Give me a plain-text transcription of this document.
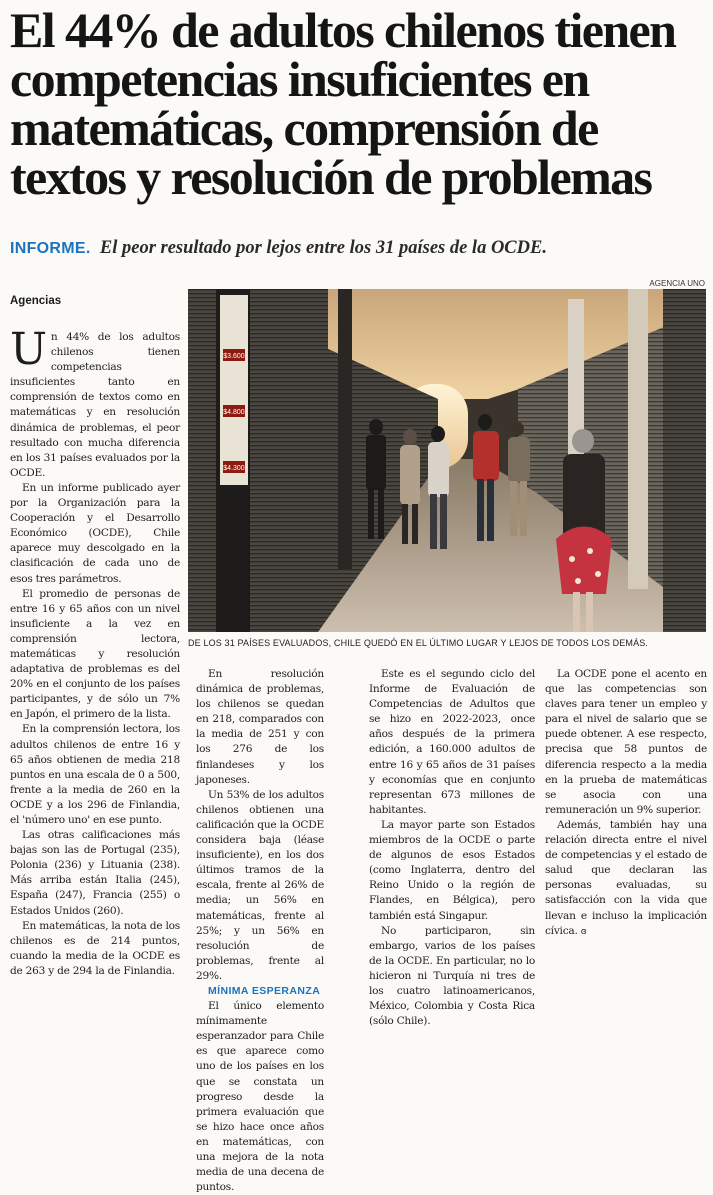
El 44% de adultos chilenos tienen
competencias insuficientes en
matemáticas, comprensión de
textos y resolución de problemas
INFORME. El peor resultado por lejos entre los 31 países de la OCDE.
AGENCIA UNO
$3.600
$4.800
$4.300
DE LOS 31 PAÍSES EVALUADOS, CHILE QUEDÓ EN EL ÚLTIMO LUGAR Y LEJOS DE TODOS LOS DEMÁS.
Agencias

Un 44% de los adultos chilenos tienen competencias insuficientes tanto en comprensión de textos como en matemáticas y en resolución dinámica de problemas, el peor resultado con mucha diferencia en los 31 países evaluados por la OCDE.

En un informe publicado ayer por la Organización para la Cooperación y el Desarrollo Económico (OCDE), Chile aparece muy descolgado en la clasificación de cada uno de esos tres parámetros.

El promedio de personas de entre 16 y 65 años con un nivel insuficiente a la vez en comprensión lectora, matemáticas y resolución adaptativa de problemas es del 20% en el conjunto de los países participantes, y de sólo un 7% en Japón, el primero de la lista.

En la comprensión lectora, los adultos chilenos de entre 16 y 65 años obtienen de media 218 puntos en una escala de 0 a 500, frente a la media de 260 en la OCDE y a los 296 de Finlandia, el 'número uno' en ese punto.

Las otras calificaciones más bajas son las de Portugal (235), Polonia (236) y Lituania (238). Más arriba están Italia (245), España (247), Francia (255) o Estados Unidos (260).

En matemáticas, la nota de los chilenos es de 214 puntos, cuando la media de la OCDE es de 263 y de 294 la de Finlandia.

En resolución dinámica de problemas, los chilenos se quedan en 218, comparados con la media de 251 y con los 276 de los finlandeses y los japoneses.

Un 53% de los adultos chilenos obtienen una calificación que la OCDE considera baja (léase insuficiente), en los dos últimos tramos de la escala, frente al 26% de media; un 56% en matemáticas, frente al 25%; y un 56% en resolución de problemas, frente al 29%.

MÍNIMA ESPERANZA

El único elemento mínimamente esperanzador para Chile es que aparece como uno de los países en los que se constata un progreso desde la primera evaluación que se hizo hace once años en matemáticas, con una mejora de la nota media de una decena de puntos.

Este es el segundo ciclo del Informe de Evaluación de Competencias de Adultos que se hizo en 2022-2023, once años después de la primera edición, a 160.000 adultos de entre 16 y 65 años de 31 países y economías que en conjunto representan 673 millones de habitantes.

La mayor parte son Estados miembros de la OCDE o parte de algunos de esos Estados (como Inglaterra, dentro del Reino Unido o la región de Flandes, en Bélgica), pero también está Singapur.

No participaron, sin embargo, varios de los países de la OCDE. En particular, no lo hicieron ni Turquía ni tres de los cuatro latinoamericanos, México, Colombia y Costa Rica (sólo Chile).

La OCDE pone el acento en que las competencias son claves para tener un empleo y para el nivel de salario que se puede obtener. A ese respecto, precisa que 58 puntos de diferencia respecto a la media en la prueba de matemáticas se asocia con una remuneración un 9% superior.

Además, también hay una relación directa entre el nivel de competencias y el estado de salud que declaran las personas evaluadas, su satisfacción con la vida que llevan e incluso la implicación cívica. ɞ
